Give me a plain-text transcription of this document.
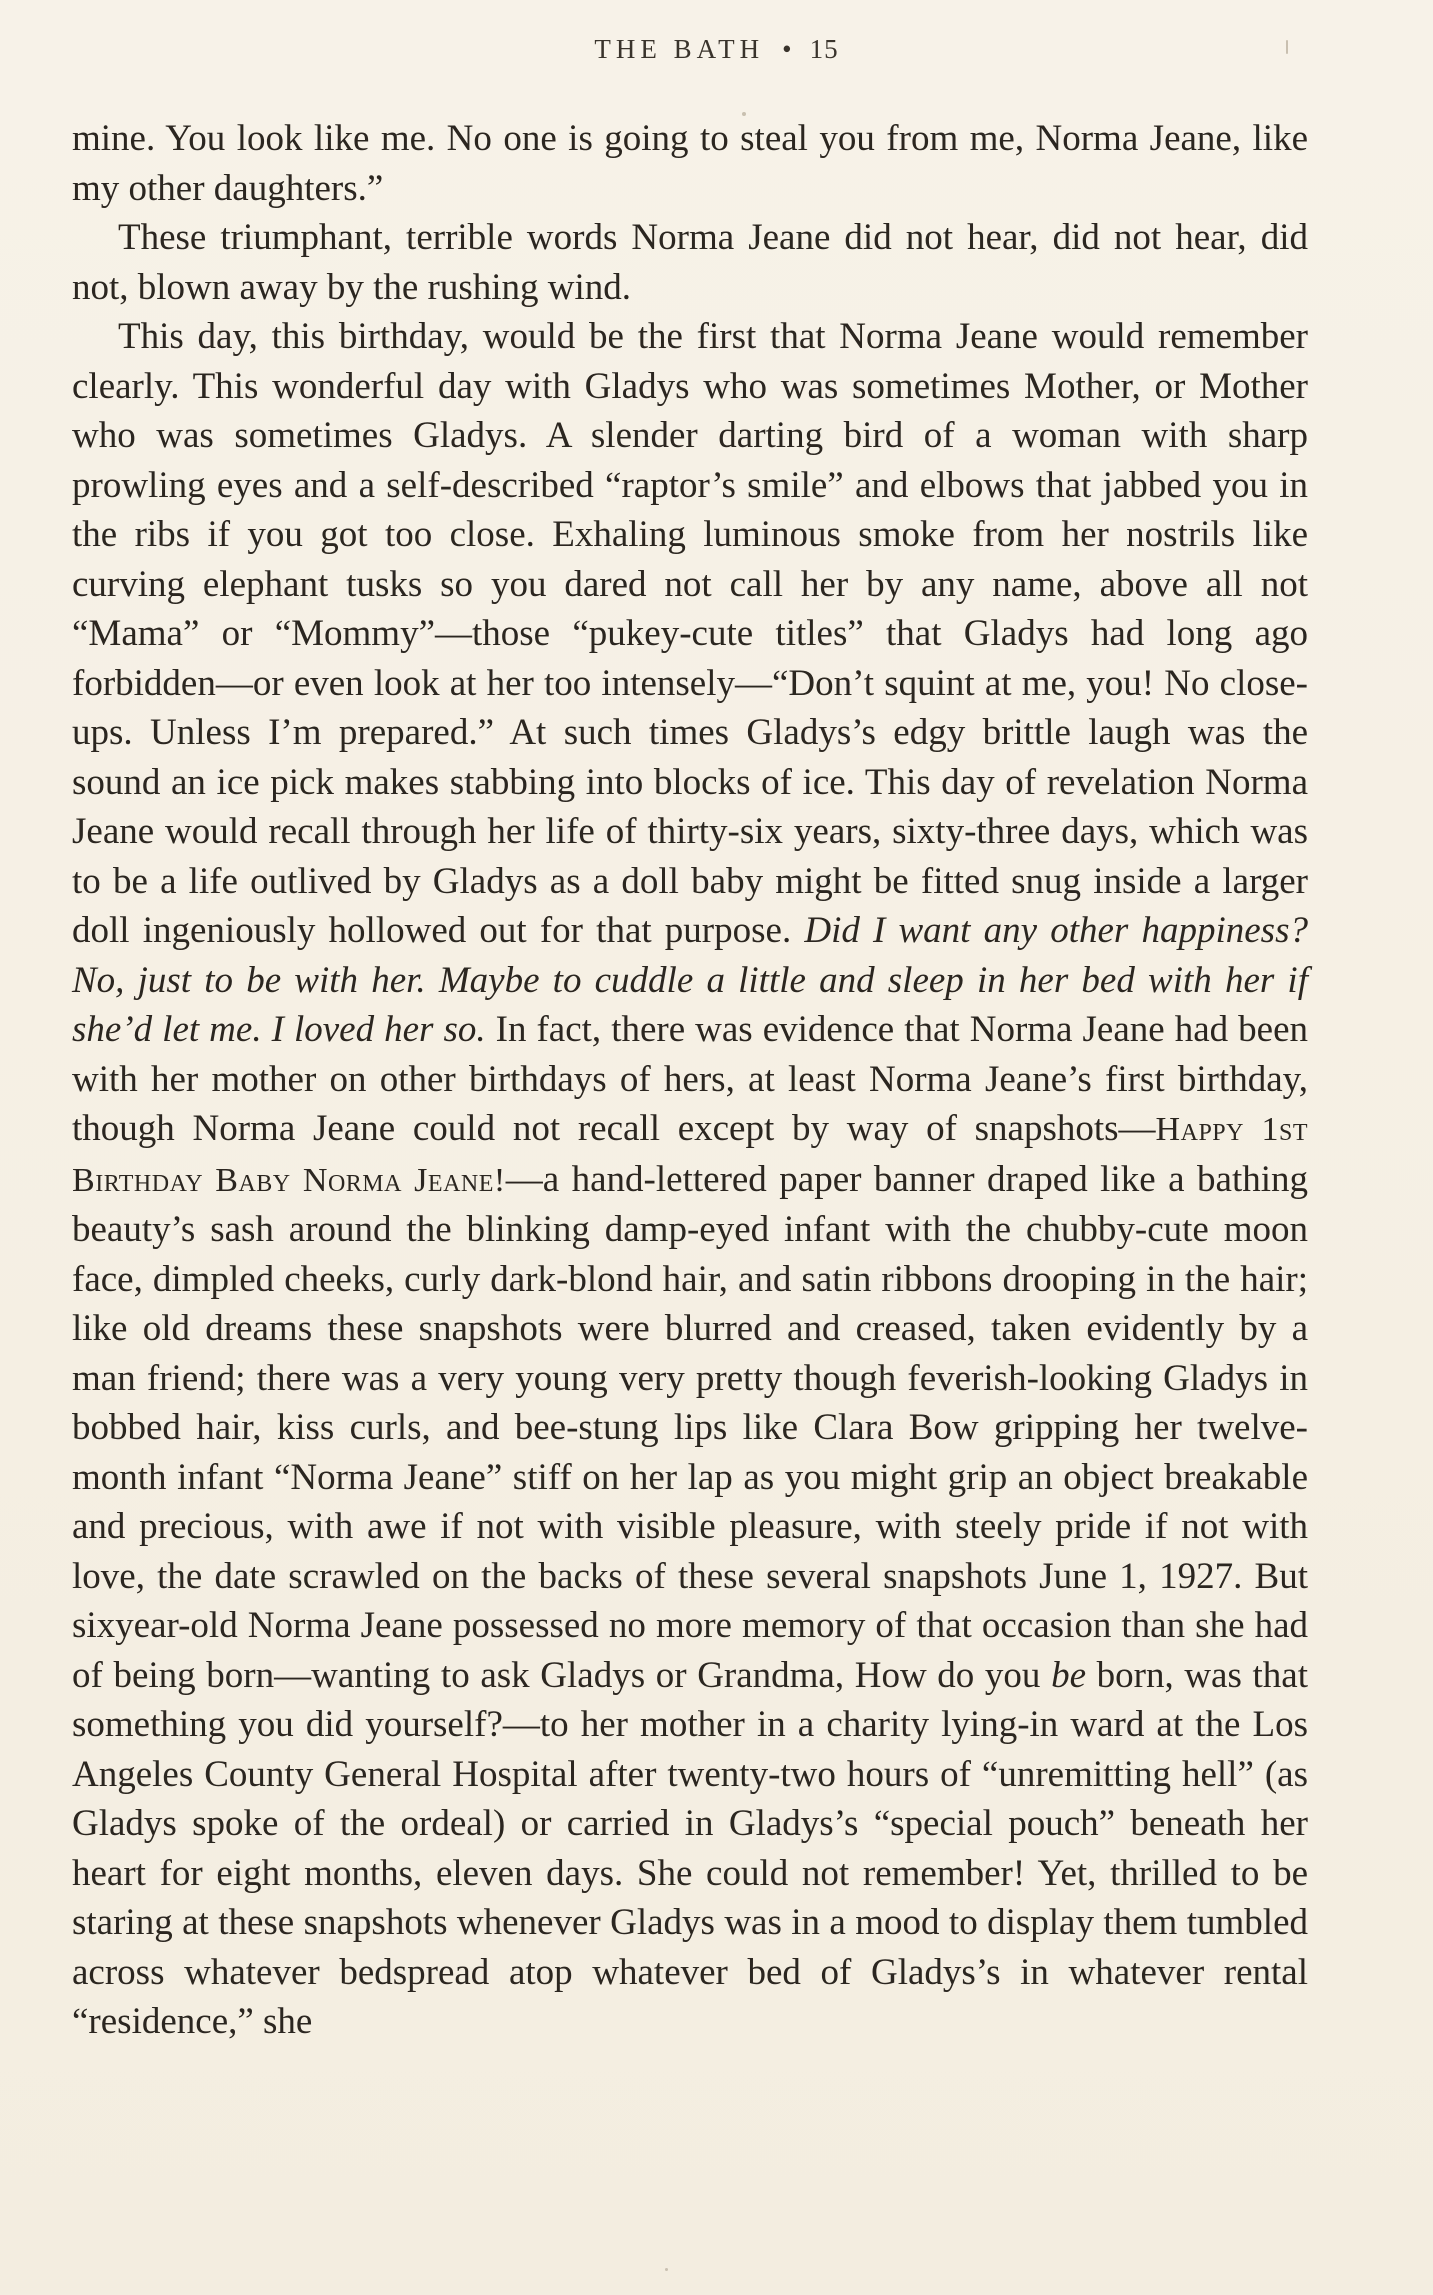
THE BATH • 15

mine. You look like me. No one is going to steal you from me, Norma Jeane, like my other daughters.”

These triumphant, terrible words Norma Jeane did not hear, did not hear, did not, blown away by the rushing wind.

This day, this birthday, would be the first that Norma Jeane would remember clearly. This wonderful day with Gladys who was sometimes Mother, or Mother who was sometimes Gladys. A slender darting bird of a woman with sharp prowling eyes and a self-described “raptor’s smile” and elbows that jabbed you in the ribs if you got too close. Exhaling luminous smoke from her nostrils like curving elephant tusks so you dared not call her by any name, above all not “Mama” or “Mommy”—those “pukey-cute titles” that Gladys had long ago forbidden—or even look at her too intensely—“Don’t squint at me, you! No close-ups. Unless I’m prepared.” At such times Gladys’s edgy brittle laugh was the sound an ice pick makes stabbing into blocks of ice. This day of revelation Norma Jeane would recall through her life of thirty-six years, sixty-three days, which was to be a life outlived by Gladys as a doll baby might be fitted snug inside a larger doll ingeniously hollowed out for that purpose. Did I want any other happiness? No, just to be with her. Maybe to cuddle a little and sleep in her bed with her if she’d let me. I loved her so. In fact, there was evidence that Norma Jeane had been with her mother on other birthdays of hers, at least Norma Jeane’s first birthday, though Norma Jeane could not recall except by way of snapshots—Happy 1st Birthday Baby Norma Jeane!—a hand-lettered paper banner draped like a bathing beauty’s sash around the blinking damp-eyed infant with the chubby-cute moon face, dimpled cheeks, curly dark-blond hair, and satin ribbons drooping in the hair; like old dreams these snapshots were blurred and creased, taken evidently by a man friend; there was a very young very pretty though feverish-looking Gladys in bobbed hair, kiss curls, and bee-stung lips like Clara Bow gripping her twelve-month infant “Norma Jeane” stiff on her lap as you might grip an object breakable and precious, with awe if not with visible pleasure, with steely pride if not with love, the date scrawled on the backs of these several snapshots June 1, 1927. But sixyear-old Norma Jeane possessed no more memory of that occasion than she had of being born—wanting to ask Gladys or Grandma, How do you be born, was that something you did yourself?—to her mother in a charity lying-in ward at the Los Angeles County General Hospital after twenty-two hours of “unremitting hell” (as Gladys spoke of the ordeal) or carried in Gladys’s “special pouch” beneath her heart for eight months, eleven days. She could not remember! Yet, thrilled to be staring at these snapshots whenever Gladys was in a mood to display them tumbled across whatever bedspread atop whatever bed of Gladys’s in whatever rental “residence,” she
